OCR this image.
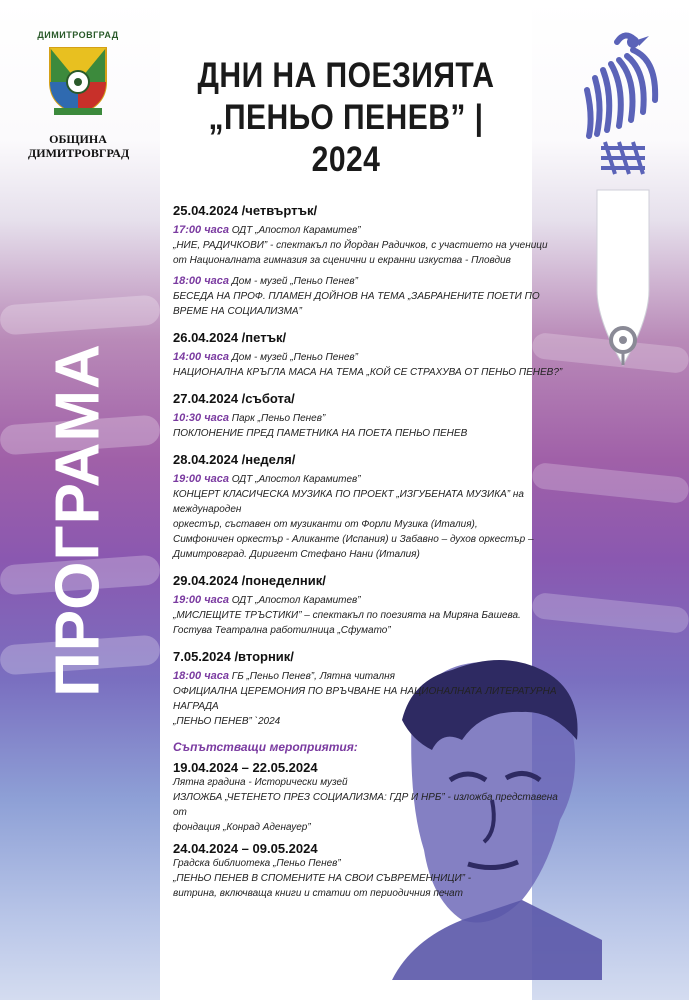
ДИМИТРОВГРАД
ОБЩИНА
ДИМИТРОВГРАД
ПРОГРАМА
ДНИ НА ПОЕЗИЯТА
„ПЕНЬО ПЕНЕВ” | 2024
25.04.2024 /четвъртък/
17:00 часа ОДТ „Апостол Карамитев”
„НИЕ, РАДИЧКОВИ” - спектакъл по Йордан Радичков, с участието на ученици
от Националната гимназия за сценични и екранни изкуства - Пловдив
18:00 часа Дом - музей „Пеньо Пенев”
БЕСЕДА НА ПРОФ. ПЛАМЕН ДОЙНОВ НА ТЕМА „ЗАБРАНЕНИТЕ ПОЕТИ ПО
ВРЕМЕ НА СОЦИАЛИЗМА”
26.04.2024 /петък/
14:00 часа Дом - музей „Пеньо Пенев”
НАЦИОНАЛНА КРЪГЛА МАСА НА ТЕМА „КОЙ СЕ СТРАХУВА ОТ ПЕНЬО ПЕНЕВ?”
27.04.2024 /събота/
10:30 часа Парк „Пеньо Пенев”
ПОКЛОНЕНИЕ ПРЕД ПАМЕТНИКА НА ПОЕТА ПЕНЬО ПЕНЕВ
28.04.2024 /неделя/
19:00 часа ОДТ „Апостол Карамитев”
КОНЦЕРТ КЛАСИЧЕСКА МУЗИКА ПО ПРОЕКТ „ИЗГУБЕНАТА МУЗИКА” на международен
оркестър, съставен от музиканти от Форли Музика (Италия),
Симфоничен оркестър - Аликанте (Испания) и Забавно – духов оркестър –
Димитровград. Диригент Стефано Нани (Италия)
29.04.2024 /понеделник/
19:00 часа ОДТ „Апостол Карамитев”
„МИСЛЕЩИТЕ ТРЪСТИКИ” – спектакъл по поезията на Миряна Башева.
Гостува Театрална работилница „Сфумато”
7.05.2024 /вторник/
18:00 часа ГБ „Пеньо Пенев”, Лятна читалня
ОФИЦИАЛНА ЦЕРЕМОНИЯ ПО ВРЪЧВАНЕ НА НАЦИОНАЛНАТА ЛИТЕРАТУРНА НАГРАДА
„ПЕНЬО ПЕНЕВ” `2024
Съпътстващи мероприятия:
19.04.2024 – 22.05.2024
Лятна градина - Исторически музей
ИЗЛОЖБА „ЧЕТЕНЕТО ПРЕЗ СОЦИАЛИЗМА: ГДР И НРБ” - изложба представена от
фондация „Конрад Аденауер”
24.04.2024 – 09.05.2024
Градска библиотека „Пеньо Пенев”
„ПЕНЬО ПЕНЕВ В СПОМЕНИТЕ НА СВОИ СЪВРЕМЕННИЦИ” -
витрина, включваща книги и статии от периодичния печат
